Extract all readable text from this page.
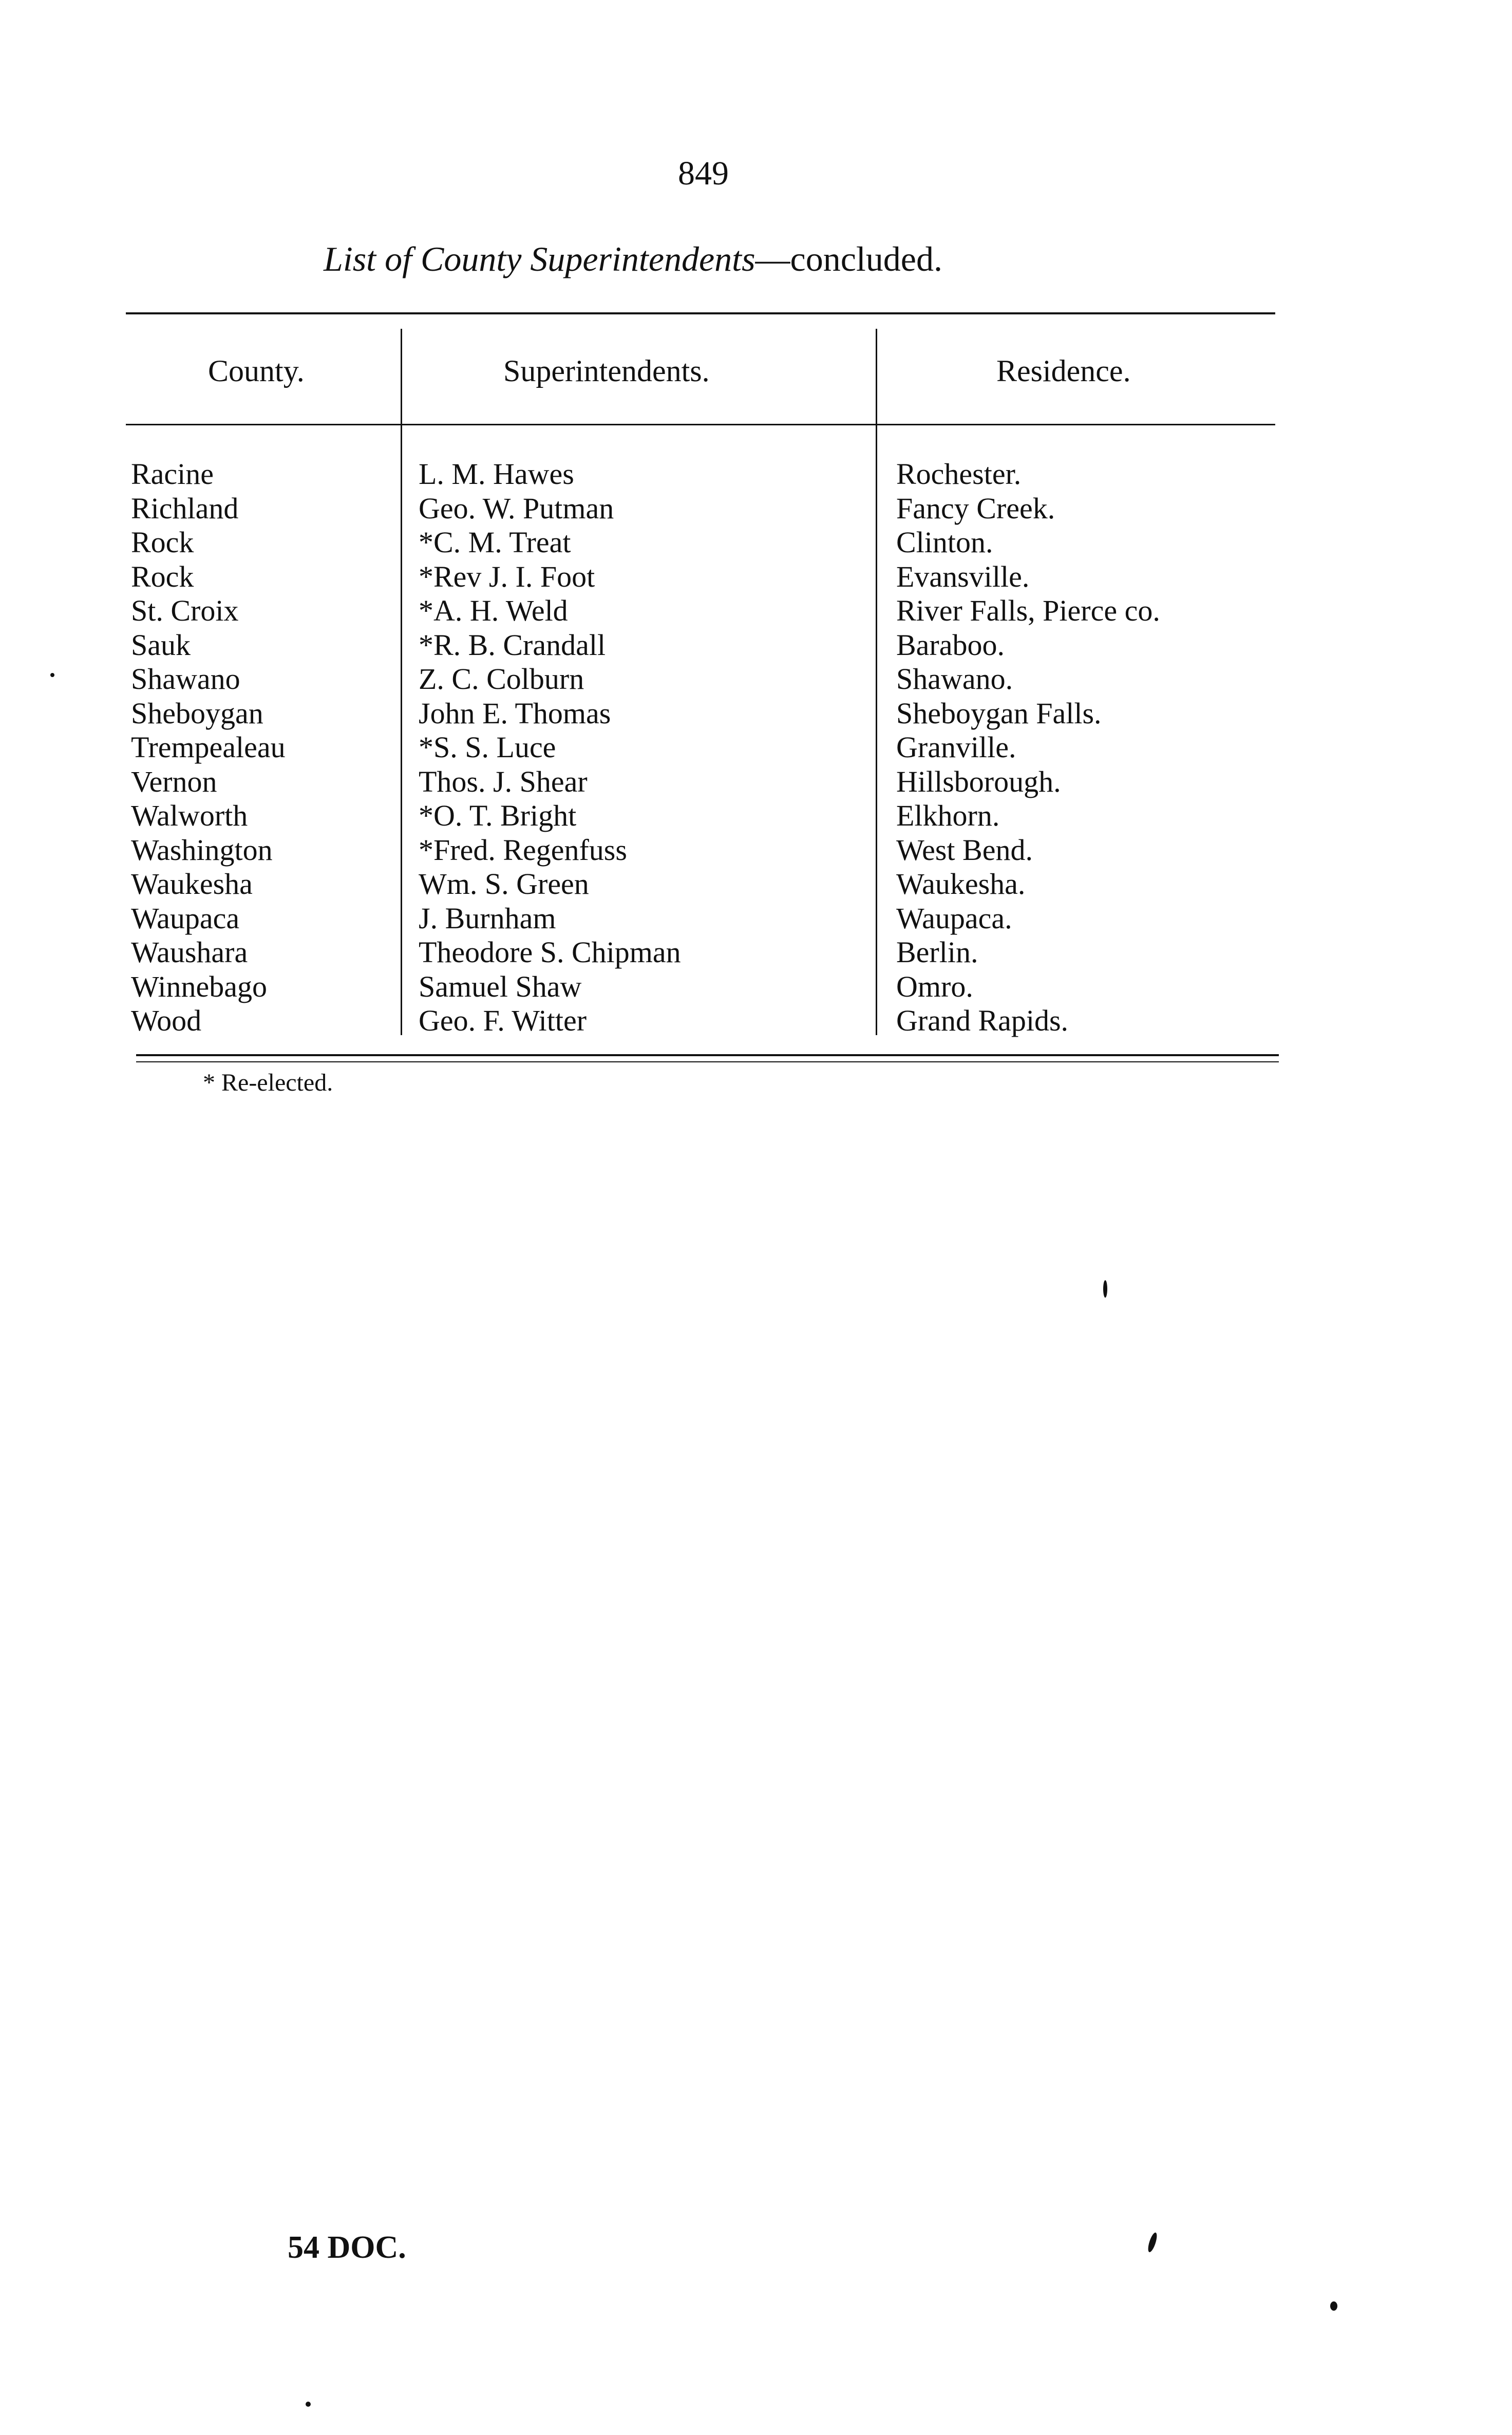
849
List of County Superintendents—concluded.
County.	Superintendents.	Residence.
Racine	L. M. Hawes	Rochester.
Richland	Geo. W. Putman	Fancy Creek.
Rock	*C. M. Treat	Clinton.
Rock	*Rev J. I. Foot	Evansville.
St. Croix	*A. H. Weld	River Falls, Pierce co.
Sauk	*R. B. Crandall	Baraboo.
Shawano	Z. C. Colburn	Shawano.
Sheboygan	John E. Thomas	Sheboygan Falls.
Trempealeau	*S. S. Luce	Granville.
Vernon	Thos. J. Shear	Hillsborough.
Walworth	*O. T. Bright	Elkhorn.
Washington	*Fred. Regenfuss	West Bend.
Waukesha	Wm. S. Green	Waukesha.
Waupaca	J. Burnham	Waupaca.
Waushara	Theodore S. Chipman	Berlin.
Winnebago	Samuel Shaw	Omro.
Wood	Geo. F. Witter	Grand Rapids.
* Re-elected.
54 DOC.
